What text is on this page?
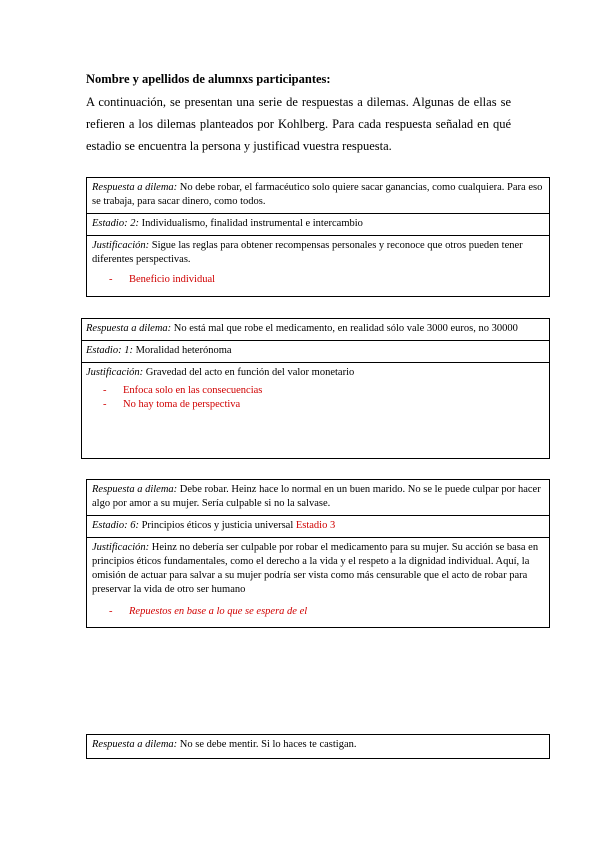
Nombre y apellidos de alumnxs participantes:

A continuación, se presentan una serie de respuestas a dilemas. Algunas de ellas se refieren a los dilemas planteados por Kohlberg. Para cada respuesta señalad en qué estadio se encuentra la persona y justificad vuestra respuesta.

Respuesta a dilema: No debe robar, el farmacéutico solo quiere sacar ganancias, como cualquiera. Para eso se trabaja, para sacar dinero, como todos.
Estadio: 2: Individualismo, finalidad instrumental e intercambio
Justificación: Sigue las reglas para obtener recompensas personales y reconoce que otros pueden tener diferentes perspectivas.
- Beneficio individual
Respuesta a dilema: No está mal que robe el medicamento, en realidad sólo vale 3000 euros, no 30000
Estadio: 1: Moralidad heterónoma
Justificación: Gravedad del acto en función del valor monetario
- Enfoca solo en las consecuencias
- No hay toma de perspectiva
Respuesta a dilema: Debe robar. Heinz hace lo normal en un buen marido. No se le puede culpar por hacer algo por amor a su mujer. Sería culpable si no la salvase.
Estadio: 6: Principios éticos y justicia universal Estadio 3
Justificación: Heinz no debería ser culpable por robar el medicamento para su mujer. Su acción se basa en principios éticos fundamentales, como el derecho a la vida y el respeto a la dignidad individual. Aquí, la omisión de actuar para salvar a su mujer podría ser vista como más censurable que el acto de robar para preservar la vida de otro ser humano
- Repuestos en base a lo que se espera de el
Respuesta a dilema: No se debe mentir. Si lo haces te castigan.
